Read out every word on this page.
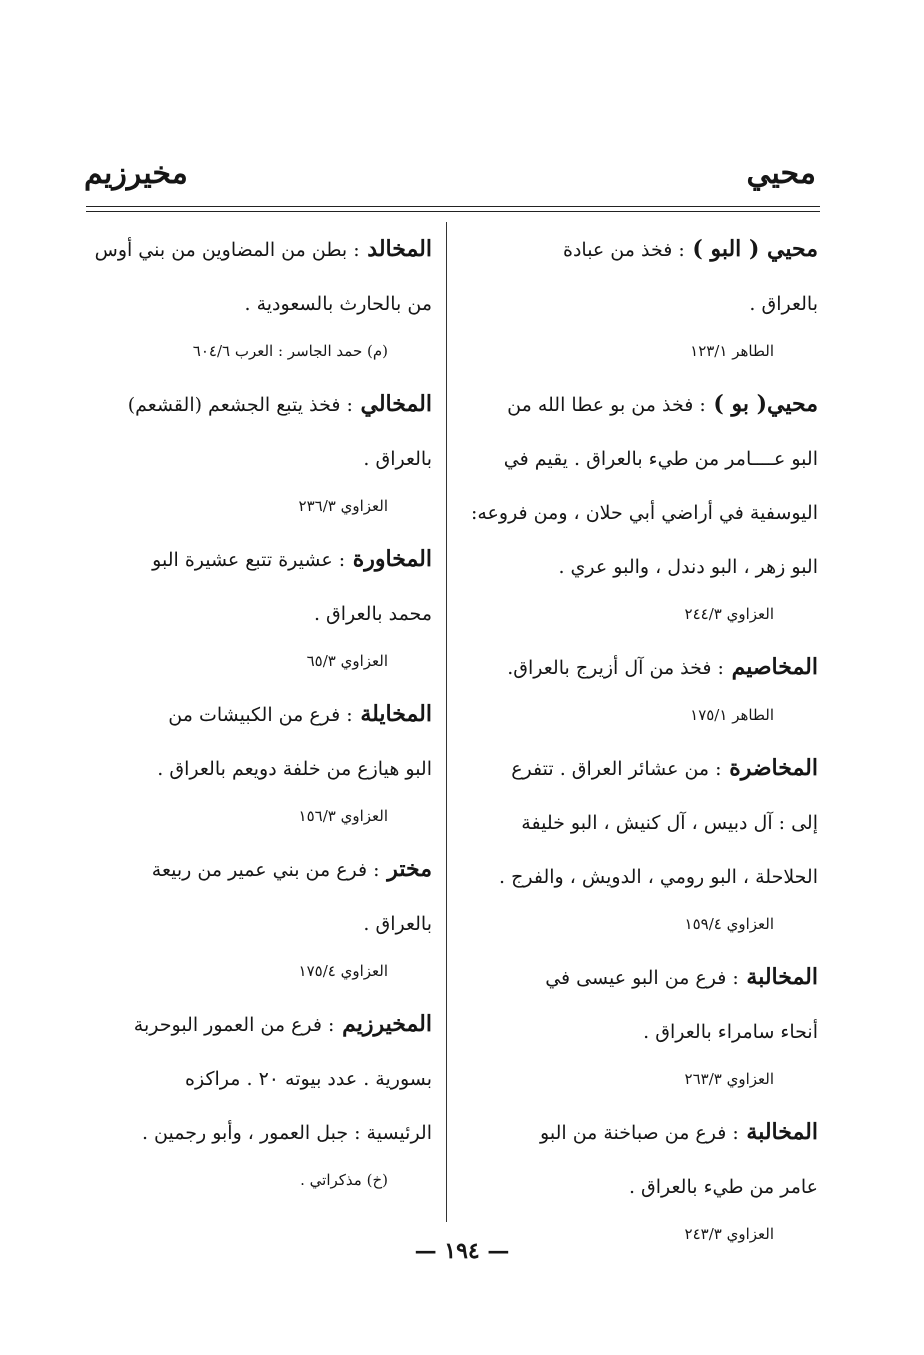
محيي
مخيرزيم
محيي ( البو ) : فخذ من عبادة
بالعراق .
الطاهر ١٢٣/١
محيي( بو ) : فخذ من بو عطا الله من
البو عــــامر من طيء بالعراق . يقيم في
اليوسفية في أراضي أبي حلان ، ومن فروعه:
البو زهر ، البو دندل ، والبو عري .
العزاوي ٢٤٤/٣
المخاصيم : فخذ من آل أزيرج بالعراق.
الطاهر ١٧٥/١
المخاضرة : من عشائر العراق . تتفرع
إلى : آل دبيس ، آل كنيش ، البو خليفة
الحلاحلة ، البو رومي ، الدويش ، والفرج .
العزاوي ١٥٩/٤
المخالبة : فرع من البو عيسى في
أنحاء سامراء بالعراق .
العزاوي ٢٦٣/٣
المخالبة : فرع من صباخنة من البو
عامر من طيء بالعراق .
العزاوي ٢٤٣/٣
المخالد : بطن من المضاوين من بني أوس
من بالحارث بالسعودية .
(م) حمد الجاسر : العرب ٦٠٤/٦
المخالي : فخذ يتبع الجشعم (القشعم)
بالعراق .
العزاوي ٢٣٦/٣
المخاورة : عشيرة تتبع عشيرة البو
محمد بالعراق .
العزاوي ٦٥/٣
المخايلة : فرع من الكبيشات من
البو هيازع من خلفة دويعم بالعراق .
العزاوي ١٥٦/٣
مختر : فرع من بني عمير من ربيعة
بالعراق .
العزاوي ١٧٥/٤
المخيرزيم : فرع من العمور البوحربة
بسورية . عدد بيوته ٢٠ . مراكزه
الرئيسية : جبل العمور ، وأبو رجمين .
(خ) مذكراتي .
— ١٩٤ —
